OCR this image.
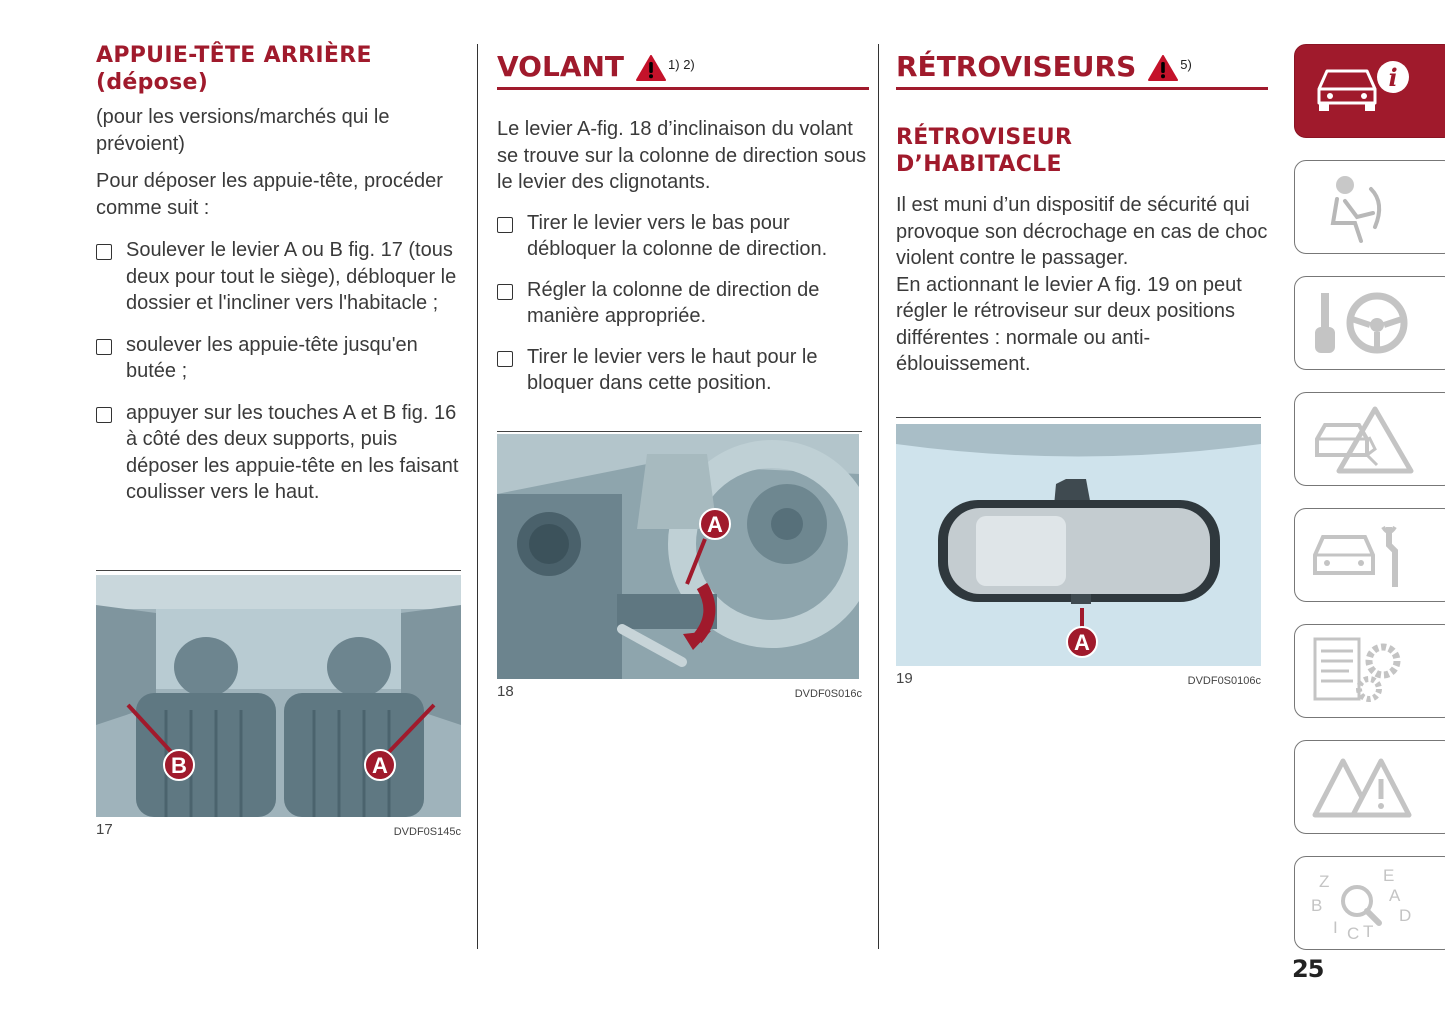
APPUIE-TÊTE ARRIÈRE (dépose)

(pour les versions/marchés qui le prévoient)

Pour déposer les appuie-tête, procéder comme suit :

Soulever le levier A ou B fig. 17 (tous deux pour tout le siège), débloquer le dossier et l'incliner vers l'habitacle ;
soulever les appuie-tête jusqu'en butée ;
appuyer sur les touches A et B fig. 16 à côté des deux supports, puis déposer les appuie-tête en les faisant coulisser vers le haut.
B	A
17	DVDF0S145c
VOLANT	1) 2)

Le levier A-fig. 18 d’inclinaison du volant se trouve sur la colonne de direction sous le levier des clignotants.

Tirer le levier vers le bas pour débloquer la colonne de direction.
Régler la colonne de direction de manière appropriée.
Tirer le levier vers le haut pour le bloquer dans cette position.
A
18	DVDF0S016c
RÉTROVISEURS	5)
RÉTROVISEUR D’HABITACLE

Il est muni d’un dispositif de sécurité qui provoque son décrochage en cas de choc violent contre le passager.

En actionnant le levier A fig. 19 on peut régler le rétroviseur sur deux positions différentes : normale ou anti-éblouissement.

A
19	DVDF0S0106c
i
Z	E
A
B
D
I C T
25
